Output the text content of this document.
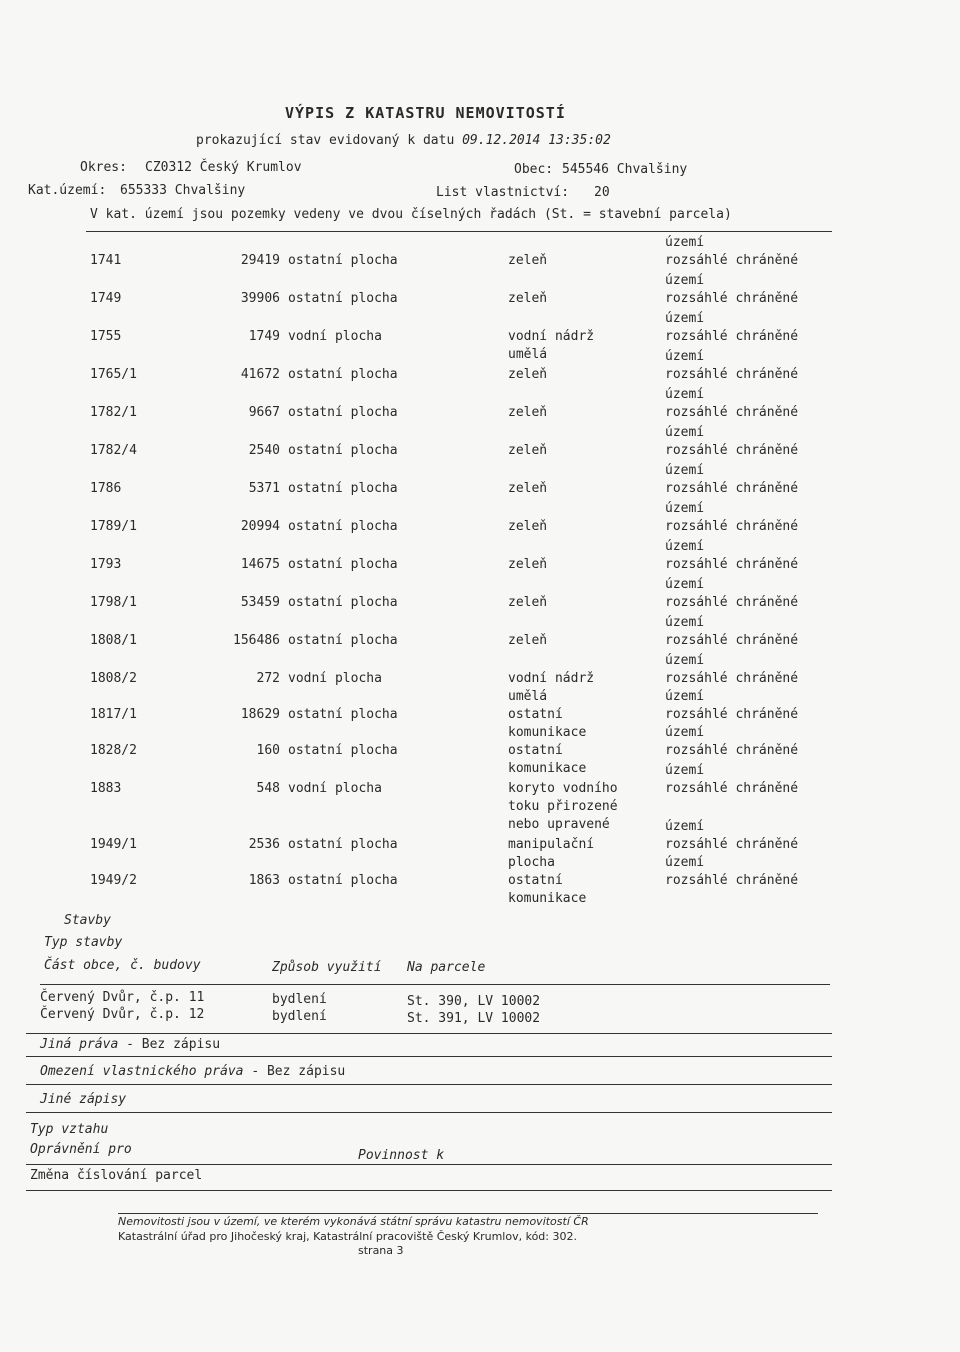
VÝPIS Z KATASTRU NEMOVITOSTÍ
prokazující stav evidovaný k datu 09.12.2014 13:35:02
Okres: CZ0312 Český Krumlov	Obec: 545546 Chvalšiny
Kat.území: 655333 Chvalšiny	List vlastnictví: 20
V kat. území jsou pozemky vedeny ve dvou číselných řadách (St. = stavební parcela)
1741	29419 ostatní plocha	zeleň
území
rozsáhlé chráněné
1749	39906 ostatní plocha	zeleň
území
rozsáhlé chráněné
1755	1749 vodní plocha	vodní nádrž
umělá
území
rozsáhlé chráněné
1765/1	41672 ostatní plocha	zeleň
území
rozsáhlé chráněné
1782/1	9667 ostatní plocha	zeleň
území
rozsáhlé chráněné
1782/4	2540 ostatní plocha	zeleň
území
rozsáhlé chráněné
1786	5371 ostatní plocha	zeleň
území
rozsáhlé chráněné
1789/1	20994 ostatní plocha	zeleň
území
rozsáhlé chráněné
1793	14675 ostatní plocha	zeleň
území
rozsáhlé chráněné
1798/1	53459 ostatní plocha	zeleň
území
rozsáhlé chráněné
1808/1	156486 ostatní plocha	zeleň
území
rozsáhlé chráněné
1808/2	272 vodní plocha	vodní nádrž
umělá
území
rozsáhlé chráněné
1817/1	18629 ostatní plocha	ostatní
komunikace
území
rozsáhlé chráněné
1828/2	160 ostatní plocha	ostatní
komunikace
území
rozsáhlé chráněné
1883	548 vodní plocha	koryto vodního
toku přirozené
nebo upravené
území
rozsáhlé chráněné
1949/1	2536 ostatní plocha	manipulační
plocha
území
rozsáhlé chráněné
1949/2	1863 ostatní plocha	ostatní
komunikace
území
rozsáhlé chráněné
Stavby
Typ stavby
Část obce, č. budovy	Způsob využití Na parcele
Červený Dvůr, č.p. 11	bydlení	St. 390, LV 10002
Červený Dvůr, č.p. 12	bydlení	St. 391, LV 10002
Jiná práva - Bez zápisu
Omezení vlastnického práva - Bez zápisu
Jiné zápisy
Typ vztahu
Oprávnění pro	Povinnost k
Změna číslování parcel
Nemovitosti jsou v území, ve kterém vykonává státní správu katastru nemovitostí ČR
Katastrální úřad pro Jihočeský kraj, Katastrální pracoviště Český Krumlov, kód: 302.
strana 3
